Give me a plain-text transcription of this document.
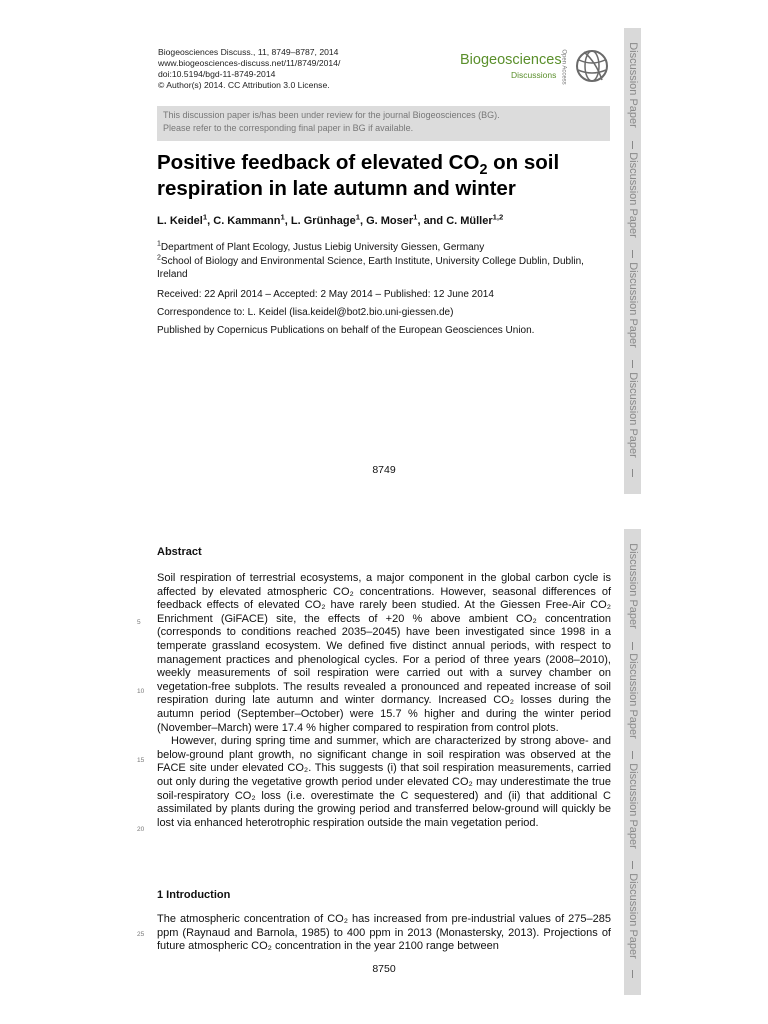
Biogeosciences Discuss., 11, 8749–8787, 2014
www.biogeosciences-discuss.net/11/8749/2014/
doi:10.5194/bgd-11-8749-2014
© Author(s) 2014. CC Attribution 3.0 License.
Biogeosciences
Discussions Open Access
This discussion paper is/has been under review for the journal Biogeosciences (BG).
Please refer to the corresponding final paper in BG if available.
Positive feedback of elevated $CO_2$ on soil
respiration in late autumn and winter
L. Keidel$^1$, C. Kammann$^1$, L. Grünhage$^1$, G. Moser$^1$, and C. Müller$^{1,2}$
$^1$Department of Plant Ecology, Justus Liebig University Giessen, Germany
$^2$School of Biology and Environmental Science, Earth Institute, University College Dublin, Dublin, Ireland
Received: 22 April 2014 – Accepted: 2 May 2014 – Published: 12 June 2014
Correspondence to: L. Keidel (lisa.keidel@bot2.bio.uni-giessen.de)
Published by Copernicus Publications on behalf of the European Geosciences Union.
8749
Discussion Paper
Discussion Paper
Discussion Paper
Discussion Paper
Abstract

Soil respiration of terrestrial ecosystems, a major component in the global carbon cycle is affected by elevated atmospheric CO₂ concentrations. However, seasonal differences of feedback effects of elevated CO₂ have rarely been studied. At the Giessen Free-Air CO₂ Enrichment (GiFACE) site, the effects of +20 % above ambient CO₂ concentration (corresponds to conditions reached 2035–2045) have been investigated since 1998 in a temperate grassland ecosystem. We defined five distinct annual periods, with respect to management practices and phenological cycles. For a period of three years (2008–2010), weekly measurements of soil respiration were carried out with a survey chamber on vegetation-free subplots. The results revealed a pronounced and repeated increase of soil respiration during late autumn and winter dormancy. Increased CO₂ losses during the autumn period (September–October) were 15.7 % higher and during the winter period (November–March) were 17.4 % higher compared to respiration from control plots.

However, during spring time and summer, which are characterized by strong above- and below-ground plant growth, no significant change in soil respiration was observed at the FACE site under elevated CO₂. This suggests (i) that soil respiration measurements, carried out only during the vegetative growth period under elevated CO₂ may underestimate the true soil-respiratory CO₂ loss (i.e. overestimate the C sequestered) and (ii) that additional C assimilated by plants during the growing period and transferred below-ground will quickly be lost via enhanced heterotrophic respiration outside the main vegetation period.

1 Introduction

The atmospheric concentration of CO₂ has increased from pre-industrial values of 275–285 ppm (Raynaud and Barnola, 1985) to 400 ppm in 2013 (Monastersky, 2013). Projections of future atmospheric CO₂ concentration in the year 2100 range between

5
10
15
20
25
8750
Discussion Paper
Discussion Paper
Discussion Paper
Discussion Paper
